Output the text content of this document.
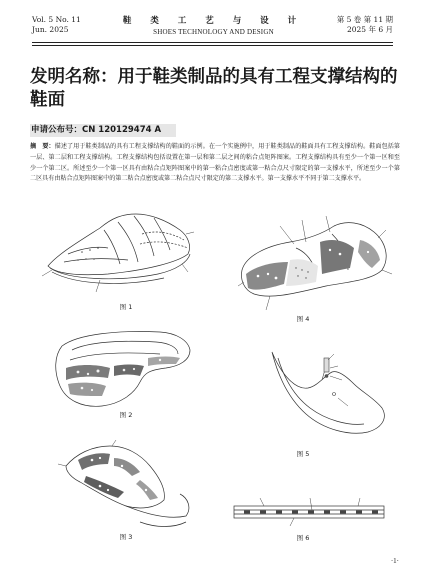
Vol. 5 No. 11
Jun. 2025
鞋 类 工 艺 与 设 计
SHOES TECHNOLOGY AND DESIGN
第 5 卷 第 11 期
2025 年 6 月
发明名称：用于鞋类制品的具有工程支撑结构的鞋面
申请公布号：CN 120129474 A
摘　要：描述了用于鞋类制品的具有工程支撑结构的鞋面的示例。在一个实施例中，用于鞋类制品的鞋面具有工程支撑结构。鞋面包括第一层、第二层和工程支撑结构。工程支撑结构包括设置在第一层和第二层之间的粘合点矩阵图案。工程支撑结构具有至少一个第一区和至少一个第二区。所述至少一个第一区具有由粘合点矩阵图案中的第一粘合点密度或第一粘合点尺寸限定的第一支撑水平，所述至少一个第二区具有由粘合点矩阵图案中的第二粘合点密度或第二粘合点尺寸限定的第二支撑水平。第一支撑水平不同于第二支撑水平。
图 1
图 2
图 3
图 4
图 5
图 6
·1·
